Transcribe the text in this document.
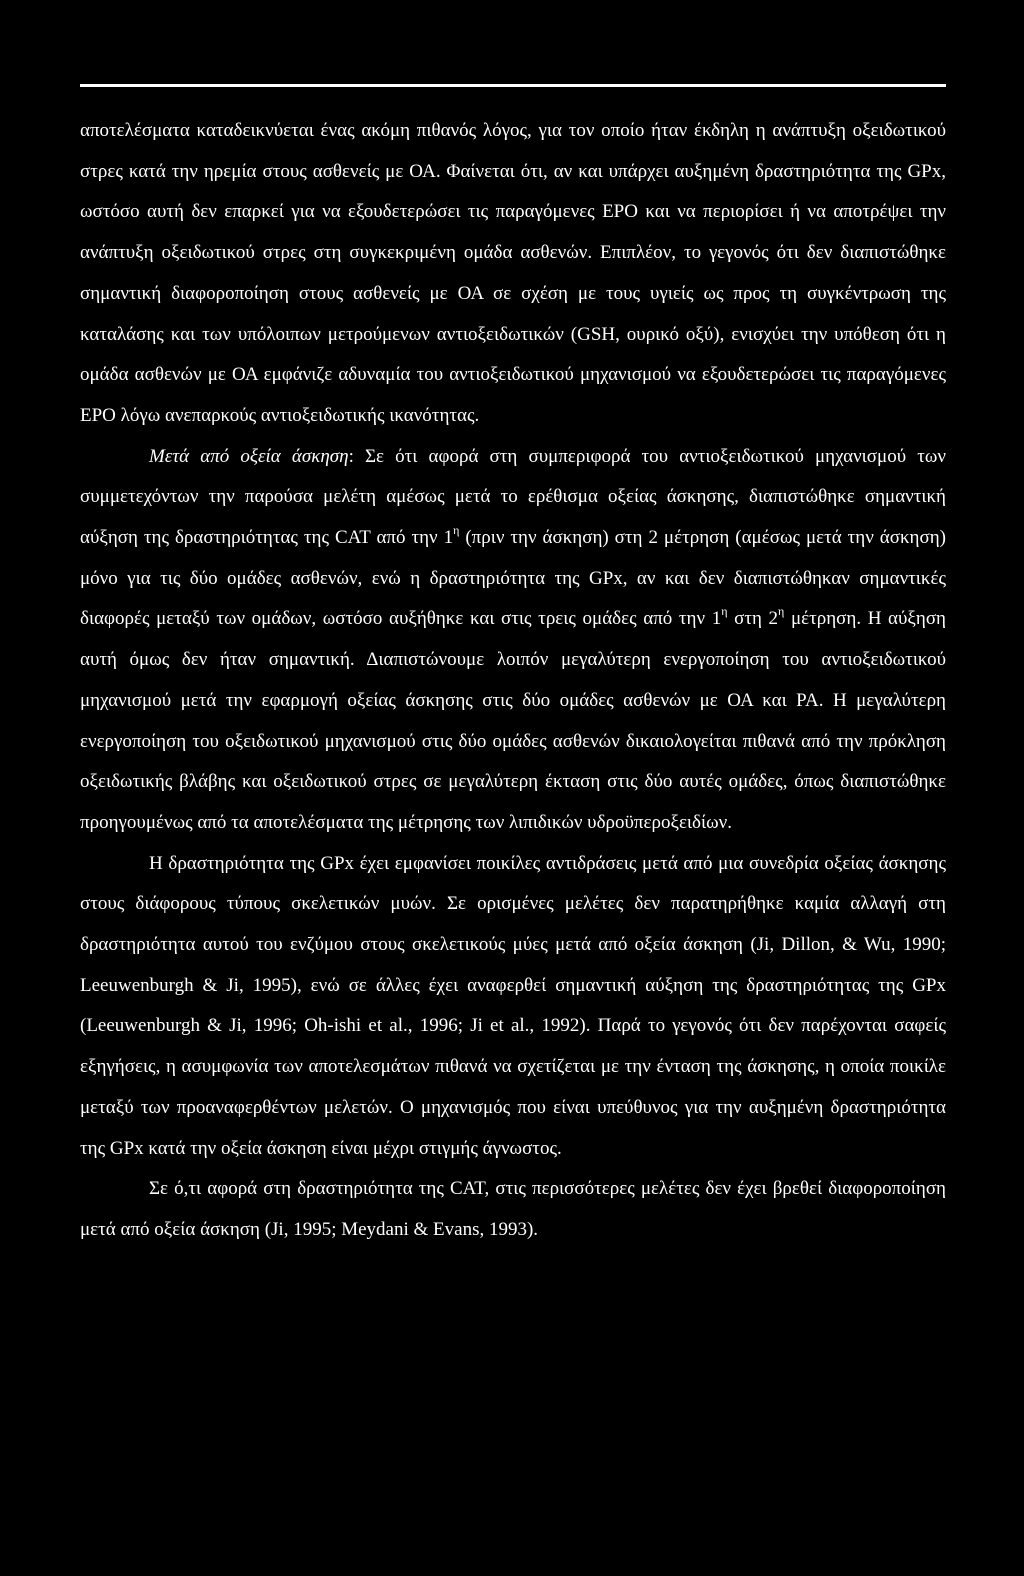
αποτελέσματα καταδεικνύεται ένας ακόμη πιθανός λόγος, για τον οποίο ήταν έκδηλη η ανάπτυξη οξειδωτικού στρες κατά την ηρεμία στους ασθενείς με ΟΑ. Φαίνεται ότι, αν και υπάρχει αυξημένη δραστηριότητα της GPx, ωστόσο αυτή δεν επαρκεί για να εξουδετερώσει τις παραγόμενες ΕΡΟ και να περιορίσει ή να αποτρέψει την ανάπτυξη οξειδωτικού στρες στη συγκεκριμένη ομάδα ασθενών. Επιπλέον, το γεγονός ότι δεν διαπιστώθηκε σημαντική διαφοροποίηση στους ασθενείς με ΟΑ σε σχέση με τους υγιείς ως προς τη συγκέντρωση της καταλάσης και των υπόλοιπων μετρούμενων αντιοξειδωτικών (GSH, ουρικό οξύ), ενισχύει την υπόθεση ότι η ομάδα ασθενών με ΟΑ εμφάνιζε αδυναμία του αντιοξειδωτικού μηχανισμού να εξουδετερώσει τις παραγόμενες ΕΡΟ λόγω ανεπαρκούς αντιοξειδωτικής ικανότητας.

Μετά από οξεία άσκηση: Σε ότι αφορά στη συμπεριφορά του αντιοξειδωτικού μηχανισμού των συμμετεχόντων την παρούσα μελέτη αμέσως μετά το ερέθισμα οξείας άσκησης, διαπιστώθηκε σημαντική αύξηση της δραστηριότητας της CAT από την $1^\eta$ (πριν την άσκηση) στη 2 μέτρηση (αμέσως μετά την άσκηση) μόνο για τις δύο ομάδες ασθενών, ενώ η δραστηριότητα της GPx, αν και δεν διαπιστώθηκαν σημαντικές διαφορές μεταξύ των ομάδων, ωστόσο αυξήθηκε και στις τρεις ομάδες από την $1^\eta$ στη $2^\eta$ μέτρηση. Η αύξηση αυτή όμως δεν ήταν σημαντική. Διαπιστώνουμε λοιπόν μεγαλύτερη ενεργοποίηση του αντιοξειδωτικού μηχανισμού μετά την εφαρμογή οξείας άσκησης στις δύο ομάδες ασθενών με ΟΑ και ΡΑ. Η μεγαλύτερη ενεργοποίηση του οξειδωτικού μηχανισμού στις δύο ομάδες ασθενών δικαιολογείται πιθανά από την πρόκληση οξειδωτικής βλάβης και οξειδωτικού στρες σε μεγαλύτερη έκταση στις δύο αυτές ομάδες, όπως διαπιστώθηκε προηγουμένως από τα αποτελέσματα της μέτρησης των λιπιδικών υδροϋπεροξειδίων.

Η δραστηριότητα της GPx έχει εμφανίσει ποικίλες αντιδράσεις μετά από μια συνεδρία οξείας άσκησης στους διάφορους τύπους σκελετικών μυών. Σε ορισμένες μελέτες δεν παρατηρήθηκε καμία αλλαγή στη δραστηριότητα αυτού του ενζύμου στους σκελετικούς μύες μετά από οξεία άσκηση (Ji, Dillon, & Wu, 1990; Leeuwenburgh & Ji, 1995), ενώ σε άλλες έχει αναφερθεί σημαντική αύξηση της δραστηριότητας της GPx (Leeuwenburgh & Ji, 1996; Oh-ishi et al., 1996; Ji et al., 1992). Παρά το γεγονός ότι δεν παρέχονται σαφείς εξηγήσεις, η ασυμφωνία των αποτελεσμάτων πιθανά να σχετίζεται με την ένταση της άσκησης, η οποία ποικίλε μεταξύ των προαναφερθέντων μελετών. Ο μηχανισμός που είναι υπεύθυνος για την αυξημένη δραστηριότητα της GPx κατά την οξεία άσκηση είναι μέχρι στιγμής άγνωστος.

Σε ό,τι αφορά στη δραστηριότητα της CAT, στις περισσότερες μελέτες δεν έχει βρεθεί διαφοροποίηση μετά από οξεία άσκηση (Ji, 1995; Meydani & Evans, 1993).
